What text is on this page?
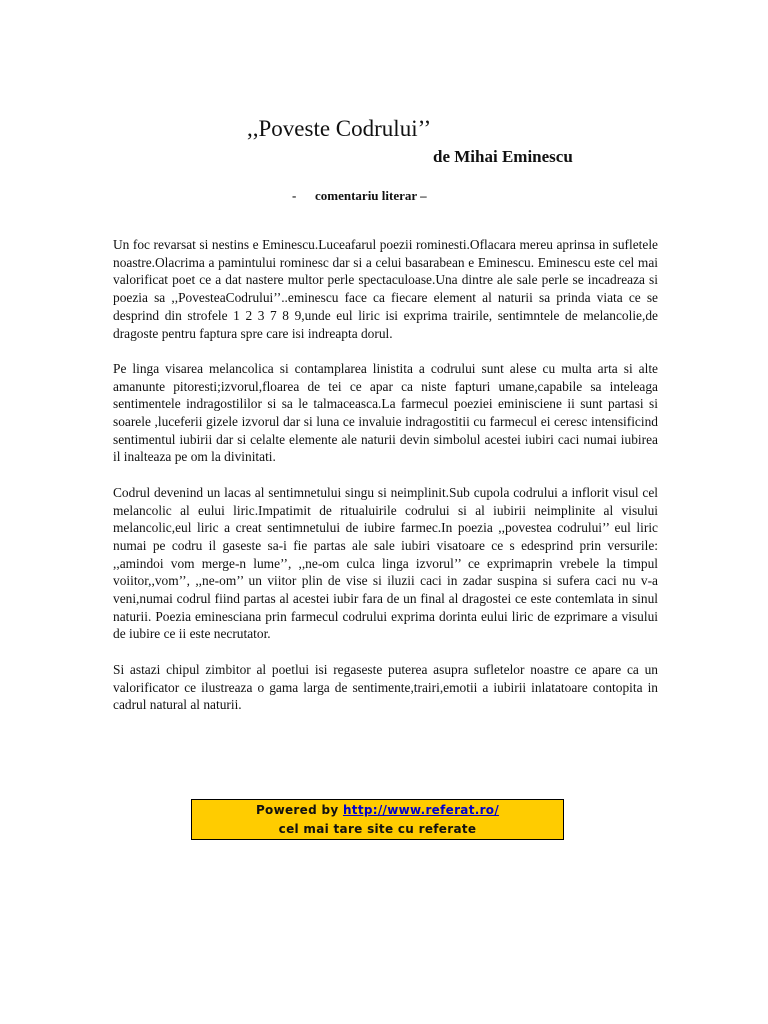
,,Poveste Codrului’’
de Mihai Eminescu
- comentariu literar –

Un foc revarsat si nestins e Eminescu.Luceafarul poezii rominesti.Oflacara mereu aprinsa in sufletele noastre.Olacrima a pamintului rominesc dar si a celui basarabean e Eminescu. Eminescu este cel mai valorificat poet ce a dat nastere multor perle spectaculoase.Una dintre ale sale perle se incadreaza si poezia sa ,,PovesteaCodrului’’..eminescu face ca fiecare element al naturii sa prinda viata ce se desprind din strofele 1 2 3 7 8 9,unde eul liric isi exprima trairile, sentimntele de melancolie,de dragoste pentru faptura spre care isi indreapta dorul.

Pe linga visarea melancolica si contamplarea linistita a codrului sunt alese cu multa arta si alte amanunte pitoresti;izvorul,floarea de tei ce apar ca niste fapturi umane,capabile sa inteleaga sentimentele indragostililor si sa le talmaceasca.La farmecul poeziei eminisciene ii sunt partasi si soarele ,luceferii gizele izvorul dar si luna ce invaluie indragostitii cu farmecul ei ceresc intensificind sentimentul iubirii dar si celalte elemente ale naturii devin simbolul acestei iubiri caci numai iubirea il inalteaza pe om la divinitati.

Codrul devenind un lacas al sentimnetului singu si neimplinit.Sub cupola codrului a inflorit visul cel melancolic al eului liric.Impatimit de ritualuirile codrului si al iubirii neimplinite al visului melancolic,eul liric a creat sentimnetului de iubire farmec.In poezia ,,povestea codrului’’ eul liric numai pe codru il gaseste sa-i fie partas ale sale iubiri visatoare ce s edesprind prin versurile: ,,amindoi vom merge-n lume’’, ,,ne-om culca linga izvorul’’ ce exprimaprin vrebele la timpul voiitor,,vom’’, ,,ne-om’’ un viitor plin de vise si iluzii caci in zadar suspina si sufera caci nu v-a veni,numai codrul fiind partas al acestei iubir fara de un final al dragostei ce este contemlata in sinul naturii. Poezia eminesciana prin farmecul codrului exprima dorinta eului liric de ezprimare a visului de iubire ce ii este necrutator.

Si astazi chipul zimbitor al poetlui isi regaseste puterea asupra sufletelor noastre ce apare ca un valorificator ce ilustreaza o gama larga de sentimente,trairi,emotii a iubirii inlatatoare contopita in cadrul natural al naturii.

Powered by http://www.referat.ro/
cel mai tare site cu referate
